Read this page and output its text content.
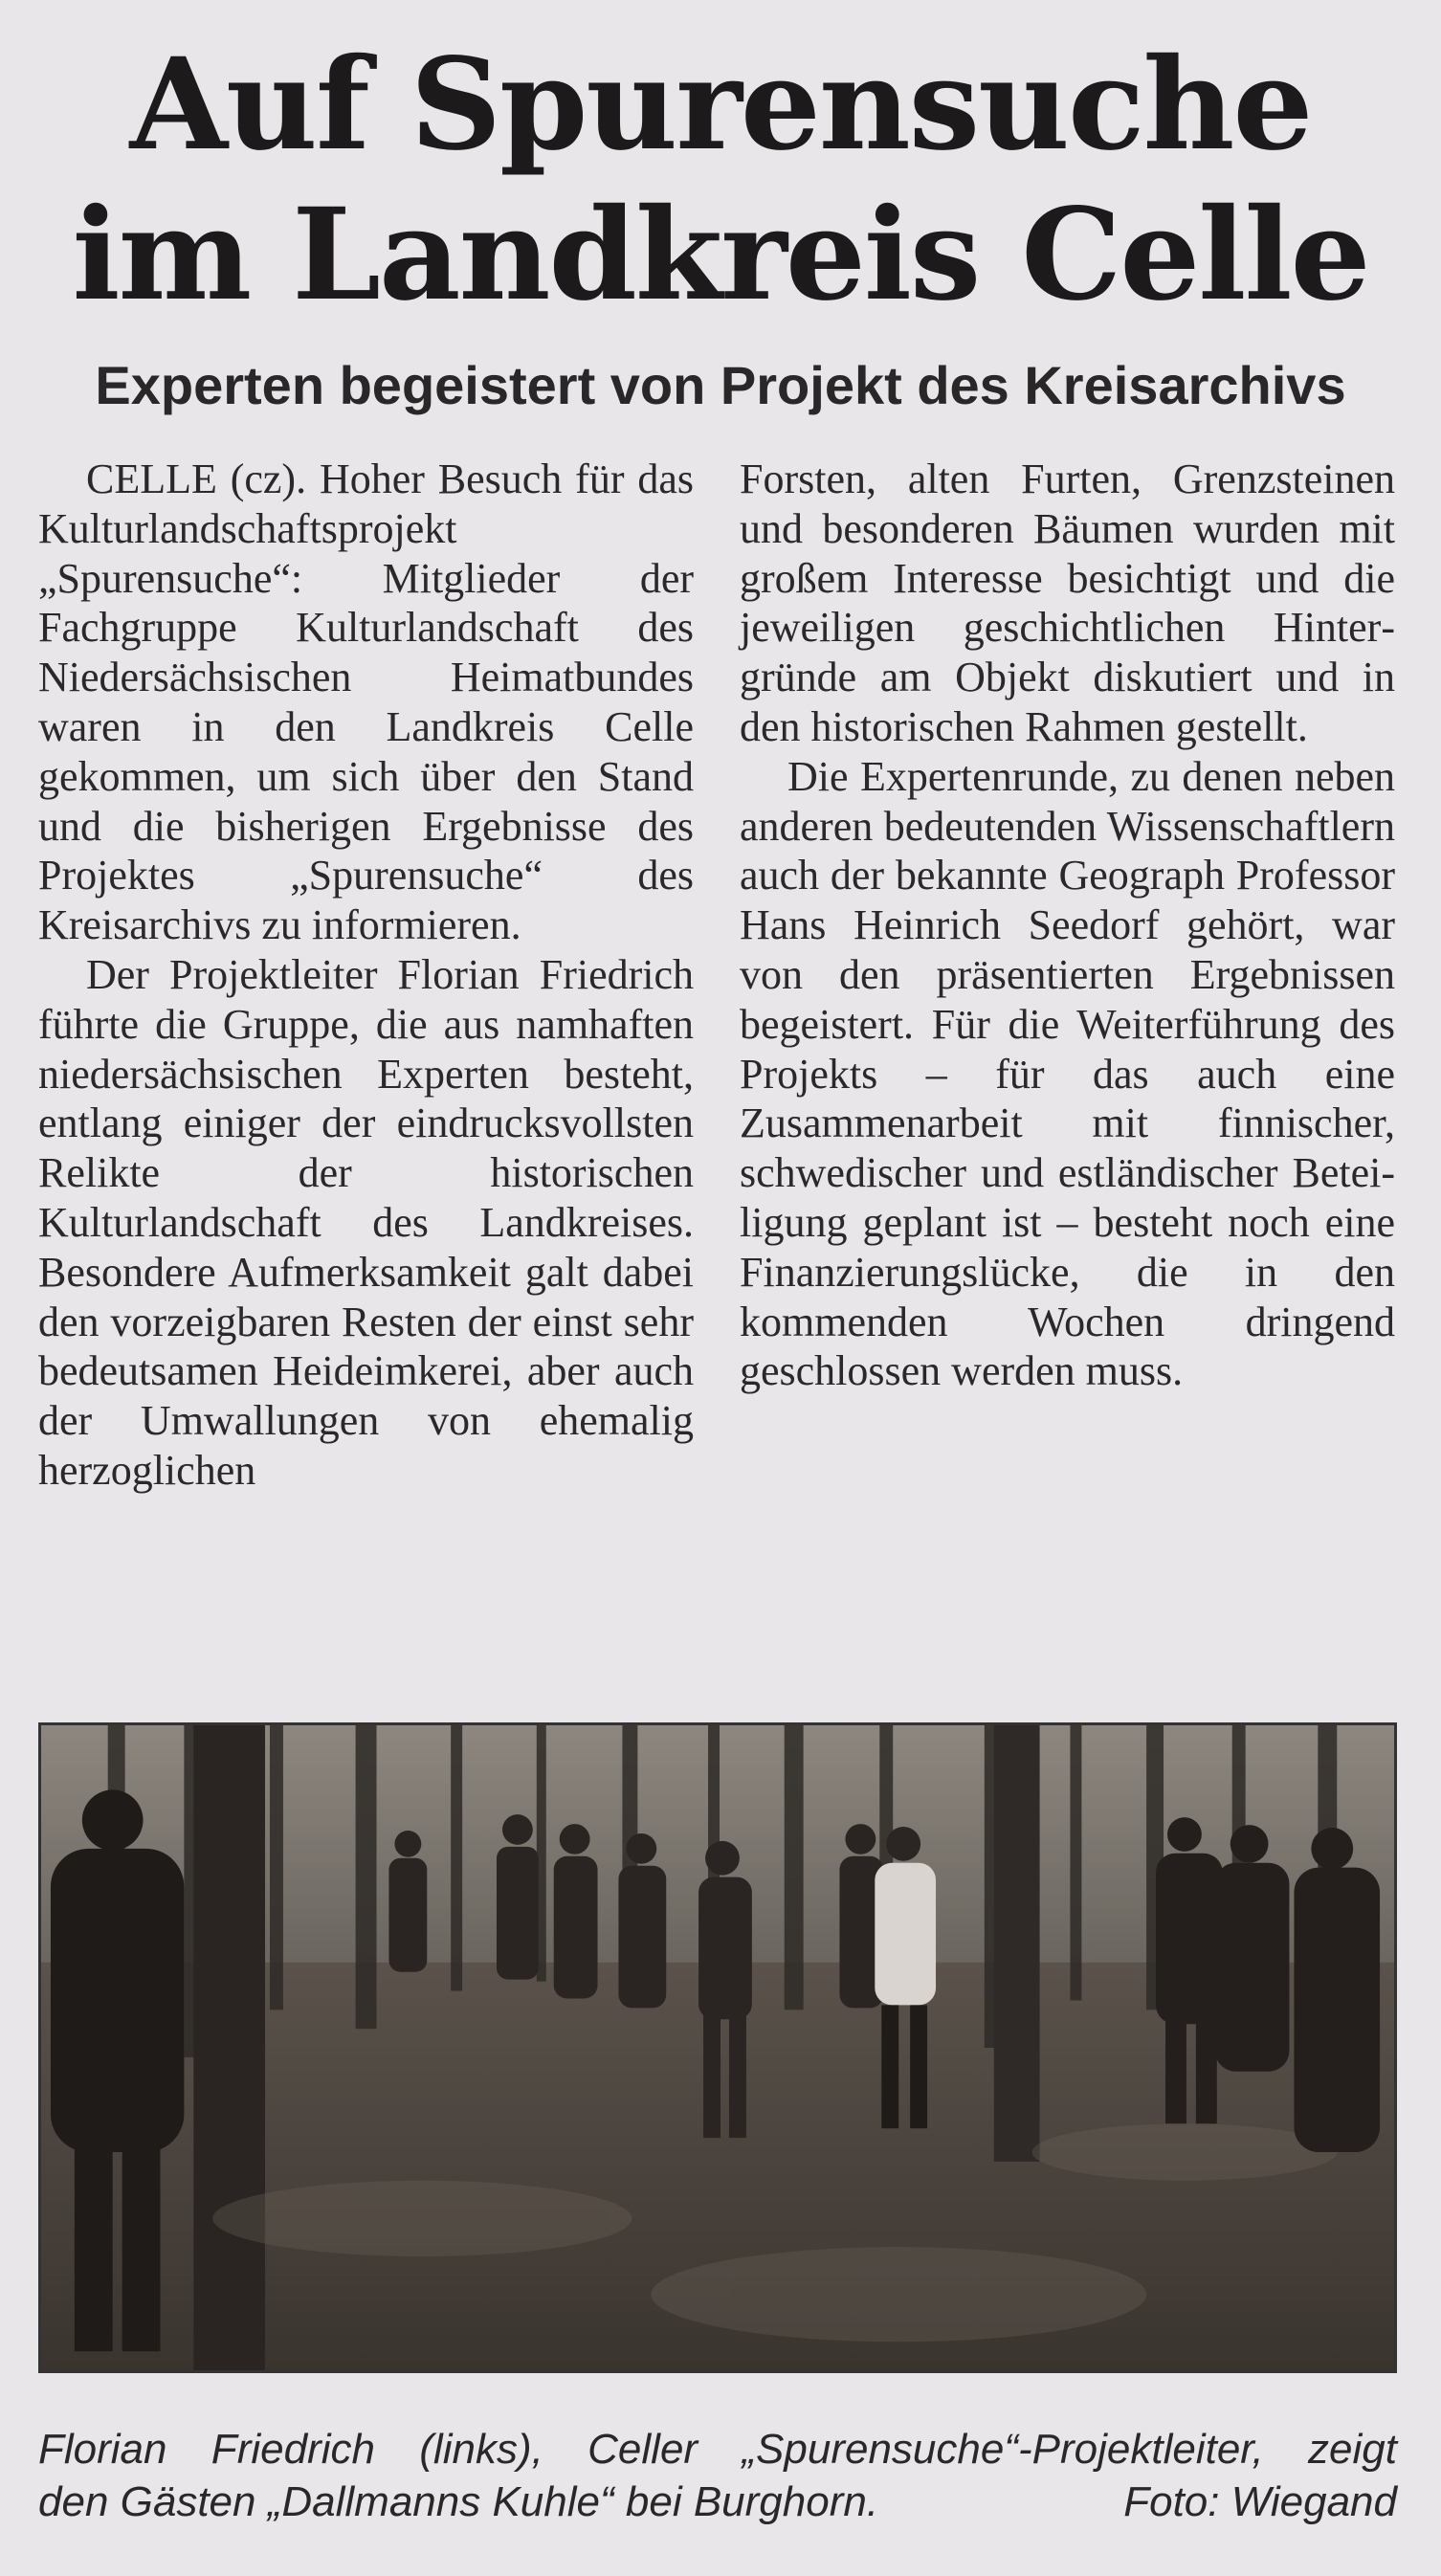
Auf Spurensuche
im Landkreis Celle
Experten begeistert von Projekt des Kreisarchivs

CELLE (cz). Hoher Besuch für das Kulturlandschaftsprojekt „Spurensuche“: Mitglieder der Fachgruppe Kulturlandschaft des Niedersächsischen Heimatbundes waren in den Landkreis Celle gekommen, um sich über den Stand und die bisherigen Ergebnisse des Projektes „Spurensuche“ des Kreisarchivs zu informieren.

Der Projektleiter Florian Friedrich führte die Gruppe, die aus namhaften niedersächsischen Experten besteht, entlang einiger der eindrucksvollsten Relikte der historischen Kulturlandschaft des Landkreises. Besondere Aufmerksamkeit galt dabei den vorzeigbaren Resten der einst sehr bedeutsamen Heideimkerei, aber auch der Umwallungen von ehemalig herzoglichen

Forsten, alten Furten, Grenzsteinen und besonderen Bäumen wurden mit großem Interesse besichtigt und die jeweiligen geschichtlichen Hintergründe am Objekt diskutiert und in den historischen Rahmen gestellt.

Die Expertenrunde, zu denen neben anderen bedeutenden Wissenschaftlern auch der bekannte Geograph Professor Hans Heinrich Seedorf gehört, war von den präsentierten Ergebnissen begeistert. Für die Weiterführung des Projekts – für das auch eine Zusammenarbeit mit finnischer, schwedischer und estländischer Beteiligung geplant ist – besteht noch eine Finanzierungslücke, die in den kommenden Wochen dringend geschlossen werden muss.

Florian Friedrich (links), Celler „Spurensuche“-Projektleiter, zeigt

den Gästen „Dallmanns Kuhle“ bei Burghorn.	Foto: Wiegand
